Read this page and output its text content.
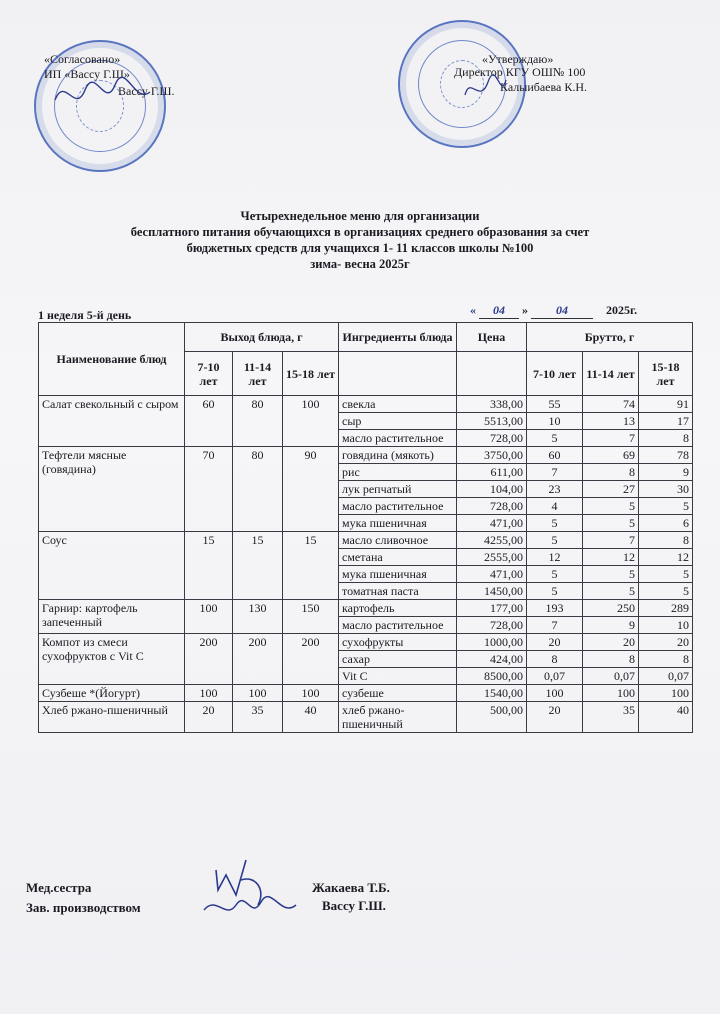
«Согласовано»
ИП «Вассу Г.Ш»
Вассу Г.Ш.
«Утверждаю»
Директор КГУ ОШ№ 100
Калыибаева К.Н.
Четырехнедельное меню для организации
бесплатного питания обучающихся в организациях среднего образования за счет
бюджетных средств для учащихся 1- 11 классов школы №100
зима- весна 2025г
1 неделя 5-й день	« 04 » 04	2025г.
Наименование блюд	Выход блюда, г			Ингредиенты блюда	Цена	Брутто, г		
	7-10 лет	11-14 лет	15-18 лет			7-10 лет	11-14 лет	15-18 лет
Салат свекольный с сыром	60	80	100	свекла	338,00	55	74	91
				сыр	5513,00	10	13	17
				масло растительное	728,00	5	7	8
Тефтели мясные (говядина)	70	80	90	говядина (мякоть)	3750,00	60	69	78
				рис	611,00	7	8	9
				лук репчатый	104,00	23	27	30
				масло растительное	728,00	4	5	5
				мука пшеничная	471,00	5	5	6
Соус	15	15	15	масло сливочное	4255,00	5	7	8
				сметана	2555,00	12	12	12
				мука пшеничная	471,00	5	5	5
				томатная паста	1450,00	5	5	5
Гарнир: картофель запеченный	100	130	150	картофель	177,00	193	250	289
				масло растительное	728,00	7	9	10
Компот из смеси сухофруктов с Vit C	200	200	200	сухофрукты	1000,00	20	20	20
				сахар	424,00	8	8	8
				Vit C	8500,00	0,07	0,07	0,07
Сузбеше *(Йогурт)	100	100	100	сузбеше	1540,00	100	100	100
Хлеб ржано-пшеничный	20	35	40	хлеб ржано-пшеничный	500,00	20	35	40
Мед.сестра
Зав. производством
Жакаева Т.Б.
Вассу Г.Ш.
